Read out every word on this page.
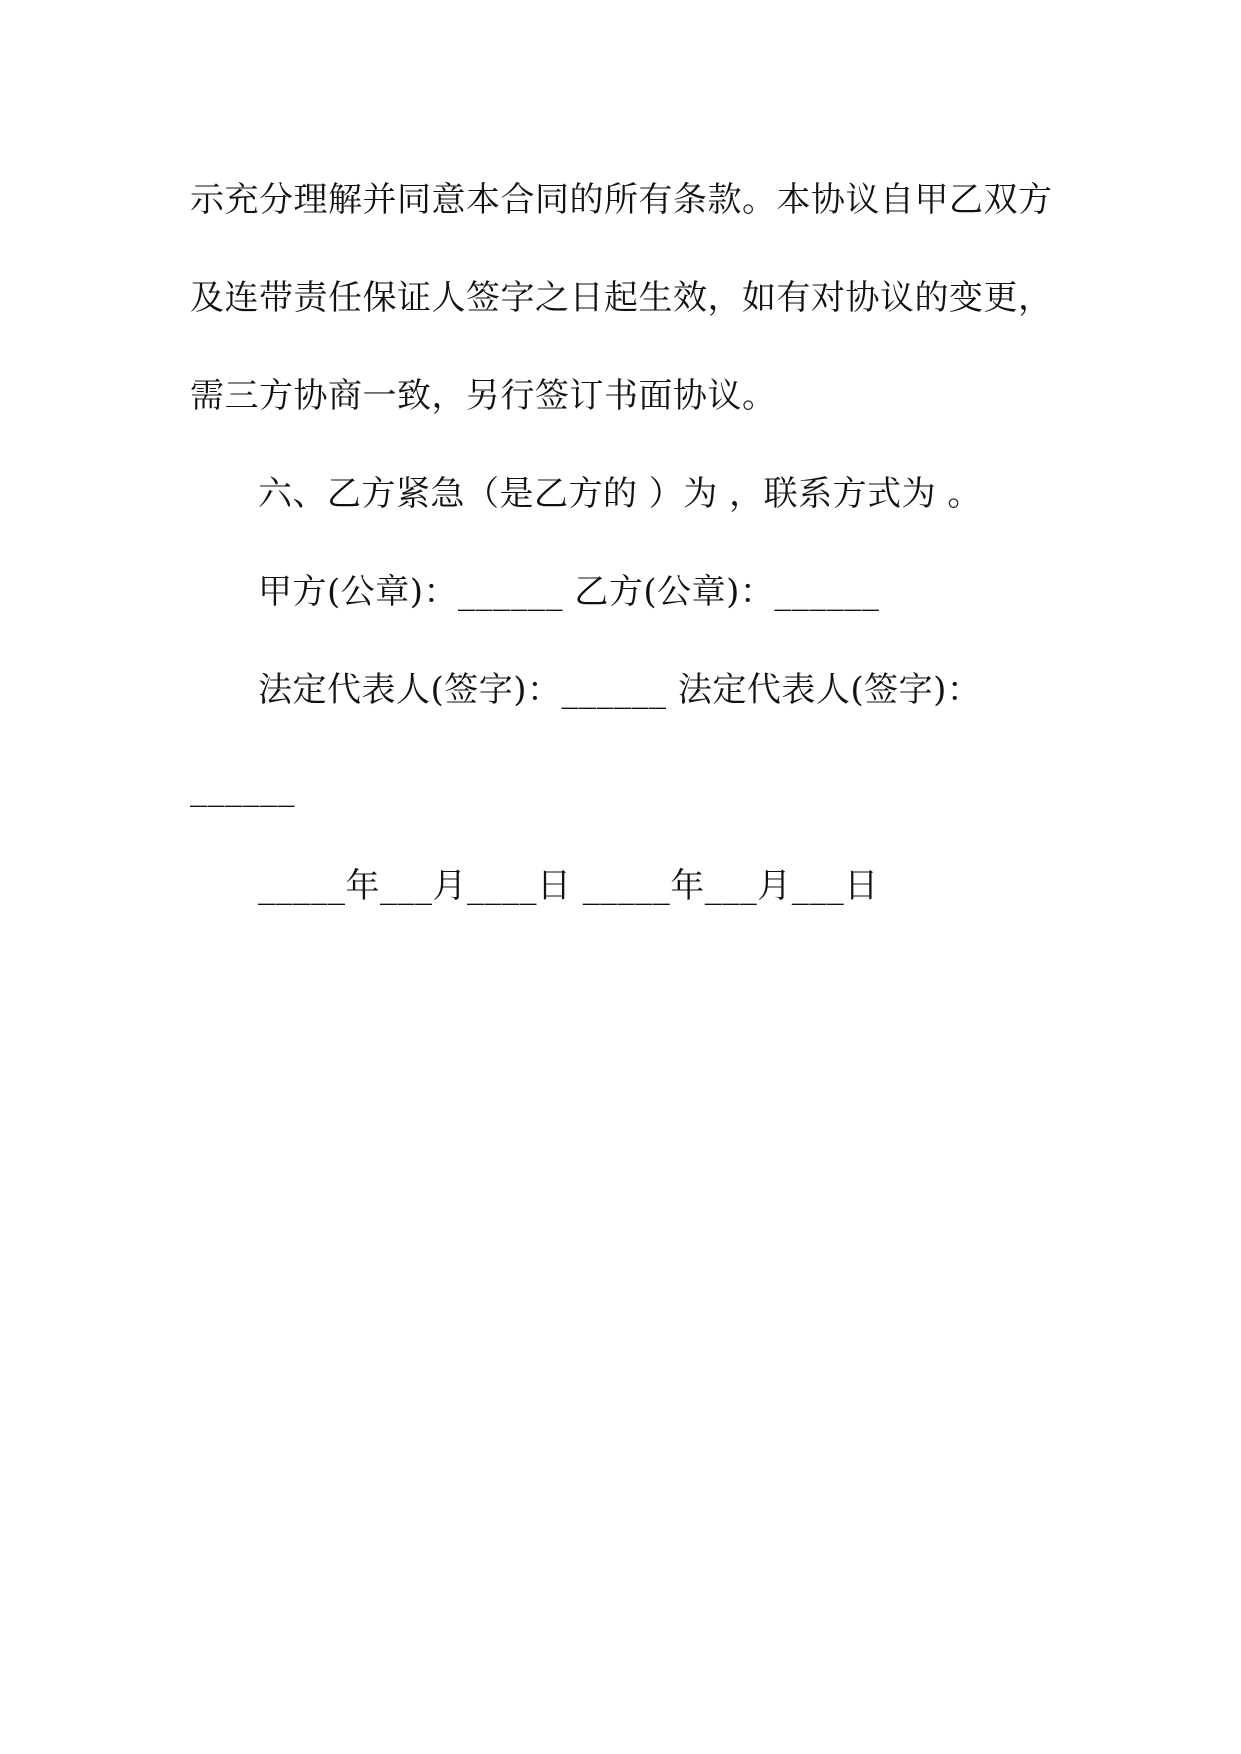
示充分理解并同意本合同的所有条款。本协议自甲乙双方
及连带责任保证人签字之日起生效，如有对协议的变更，
需三方协商一致，另行签订书面协议。
六、乙方紧急（是乙方的 ）为 ，联系方式为 。
甲方(公章)：______ 乙方(公章)：______
法定代表人(签字)：______ 法定代表人(签字)：
______
_____年___月____日 _____年___月___日
